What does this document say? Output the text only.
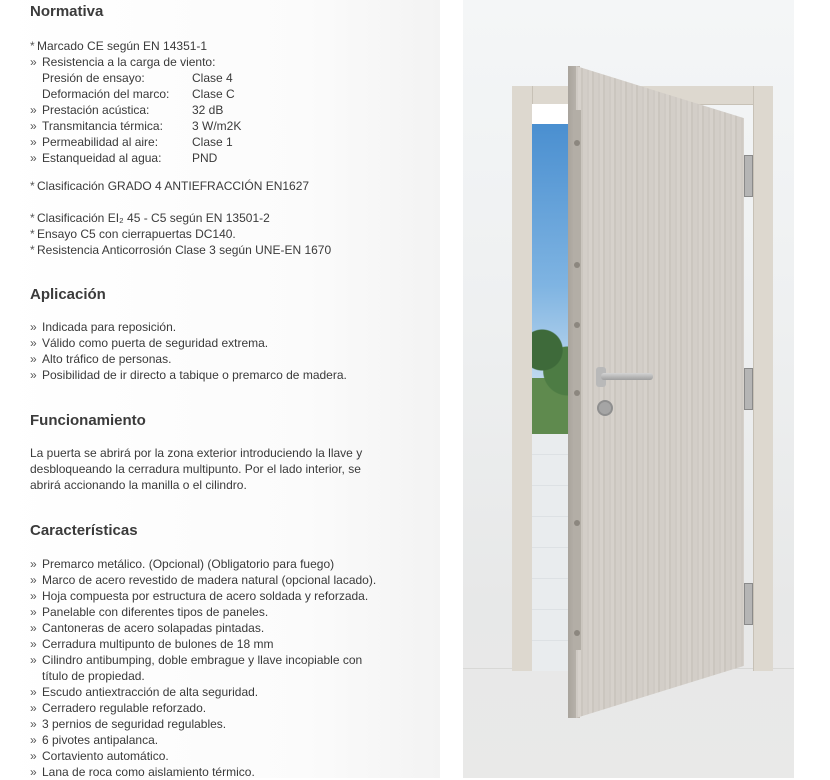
Normativa
* Marcado CE según EN 14351-1
» Resistencia a la carga de viento:
Presión de ensayo:	Clase 4
Deformación del marco: Clase C
» Prestación acústica:	32 dB
» Transmitancia térmica: 3 W/m2K
» Permeabilidad al aire:	Clase 1
» Estanqueidad al agua:	PND
* Clasificación GRADO 4 ANTIEFRACCIÓN EN1627
* Clasificación EI₂ 45 - C5 según EN 13501-2
* Ensayo C5 con cierrapuertas DC140.
* Resistencia Anticorrosión Clase 3 según UNE-EN 1670
Aplicación
» Indicada para reposición.
» Válido como puerta de seguridad extrema.
» Alto tráfico de personas.
» Posibilidad de ir directo a tabique o premarco de madera.
Funcionamiento

La puerta se abrirá por la zona exterior introduciendo la llave y desbloqueando la cerradura multipunto. Por el lado interior, se abrirá accionando la manilla o el cilindro.

Características
» Premarco metálico. (Opcional) (Obligatorio para fuego)
» Marco de acero revestido de madera natural (opcional lacado).
» Hoja compuesta por estructura de acero soldada y reforzada.
» Panelable con diferentes tipos de paneles.
» Cantoneras de acero solapadas pintadas.
» Cerradura multipunto de bulones de 18 mm
» Cilindro antibumping, doble embrague y llave incopiable con
título de propiedad.
» Escudo antiextracción de alta seguridad.
» Cerradero regulable reforzado.
» 3 pernios de seguridad regulables.
» 6 pivotes antipalanca.
» Cortaviento automático.
» Lana de roca como aislamiento térmico.
